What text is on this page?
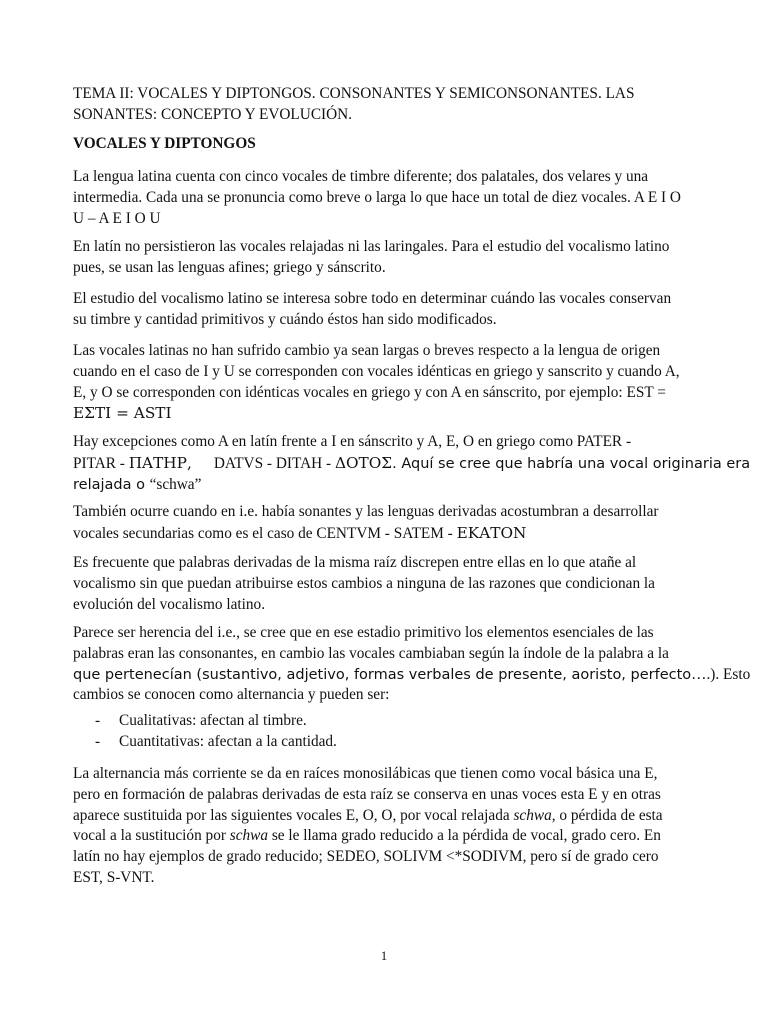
TEMA II: VOCALES Y DIPTONGOS. CONSONANTES Y SEMICONSONANTES. LAS
SONANTES: CONCEPTO Y EVOLUCIÓN.
VOCALES Y DIPTONGOS
La lengua latina cuenta con cinco vocales de timbre diferente; dos palatales, dos velares y una
intermedia. Cada una se pronuncia como breve o larga lo que hace un total de diez vocales. A E I O
U – A E I O U
En latín no persistieron las vocales relajadas ni las laringales. Para el estudio del vocalismo latino
pues, se usan las lenguas afines; griego y sánscrito.
El estudio del vocalismo latino se interesa sobre todo en determinar cuándo las vocales conservan
su timbre y cantidad primitivos y cuándo éstos han sido modificados.
Las vocales latinas no han sufrido cambio ya sean largas o breves respecto a la lengua de origen
cuando en el caso de I y U se corresponden con vocales idénticas en griego y sanscrito y cuando A,
E, y O se corresponden con idénticas vocales en griego y con A en sánscrito, por ejemplo: EST =
ΕΣΤΙ = ASTI
Hay excepciones como A en latín frente a I en sánscrito y A, E, O en griego como PATER -
PITAR - ΠΑΤΗΡ, DATVS - DITAH - ΔΟΤΟΣ. Aquí se cree que habría una vocal originaria era
relajada o “schwa”
También ocurre cuando en i.e. había sonantes y las lenguas derivadas acostumbran a desarrollar
vocales secundarias como es el caso de CENTVM - SATEM - ΕΚΑΤΟΝ
Es frecuente que palabras derivadas de la misma raíz discrepen entre ellas en lo que atañe al
vocalismo sin que puedan atribuirse estos cambios a ninguna de las razones que condicionan la
evolución del vocalismo latino.
Parece ser herencia del i.e., se cree que en ese estadio primitivo los elementos esenciales de las
palabras eran las consonantes, en cambio las vocales cambiaban según la índole de la palabra a la
que pertenecían (sustantivo, adjetivo, formas verbales de presente, aoristo, perfecto….). Esto
cambios se conocen como alternancia y pueden ser:
- Cualitativas: afectan al timbre.
- Cuantitativas: afectan a la cantidad.
La alternancia más corriente se da en raíces monosilábicas que tienen como vocal básica una E,
pero en formación de palabras derivadas de esta raíz se conserva en unas voces esta E y en otras
aparece sustituida por las siguientes vocales E, O, O, por vocal relajada schwa, o pérdida de esta
vocal a la sustitución por schwa se le llama grado reducido a la pérdida de vocal, grado cero. En
latín no hay ejemplos de grado reducido; SEDEO, SOLIVM <*SODIVM, pero sí de grado cero
EST, S-VNT.
1
